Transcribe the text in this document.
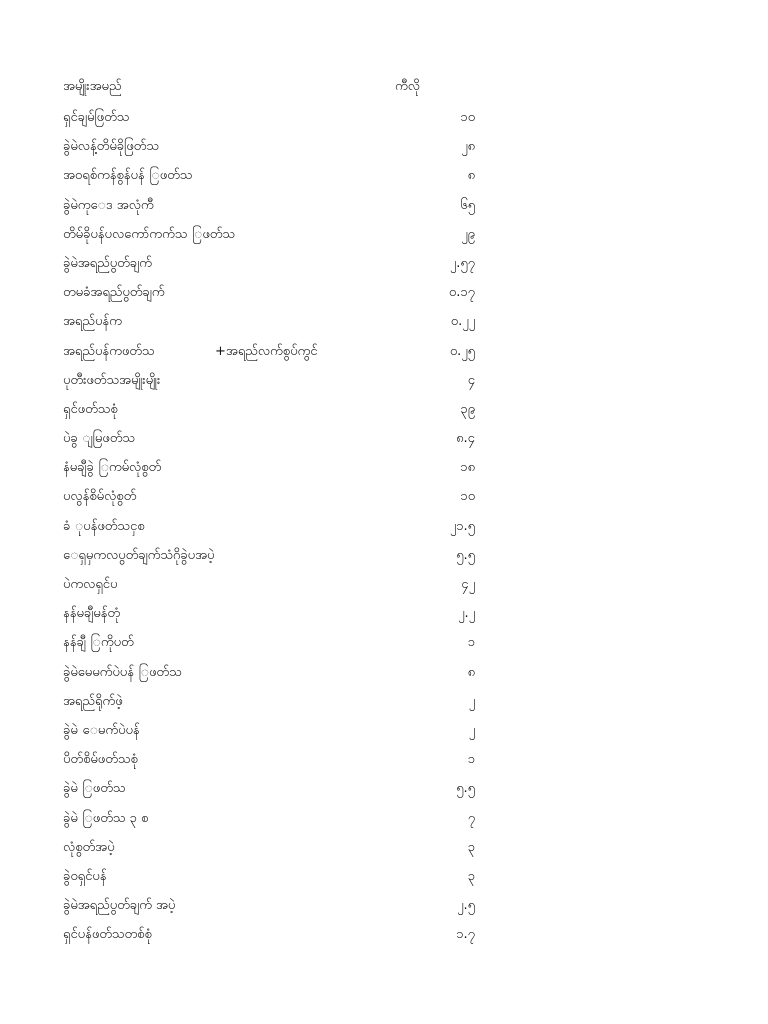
အမျိုးအမည်	ကီလို
ရှင်ချမ်ဖြတ်သ	၁၀
ခွဲမဲလန့်တိမ်ခိုဖြတ်သ	၂၈
အဝရစ်ကန်စွန်ပန် ြဖတ်သ	၈
ခွဲမဲကုေဒ အလုံကီ	၆၅
တိမ်ခိုပန်ပလကော်ကက်သ ြဖတ်သ	၂၉
ခွဲမဲအရည်ပွတ်ချက်	၂.၅၇
တမခံအရည်ပွတ်ချက်	၀.၁၇
အရည်ပန်က	၀.၂၂
အရည်ပန်ကဖတ်သ	+အရည်လက်စွပ်ကွင်	၀.၂၅
ပုတီးဖတ်သအမျိုးမျိုး	၄
ရှင်ဖတ်သစုံ	၃၉
ပဲခွ ျမြဖတ်သ	၈.၄
နံမချီခွဲ ြကမ်လုံစွတ်	၁၈
ပလွန်စိမ်လုံစွတ်	၁၀
ခံ ုပန်ဖတ်သငှစ	၂၁.၅
ေရှမှကလပွတ်ချက်သံဂိုခွဲပအပဲ့	၅.၅
ပဲကလရှင်ပ	၄၂
နန်မချီမန်တုံ	၂.၂
နန်ချီ ြကိုပတ်	၁
ခွဲမဲမေမက်ပဲပန် ြဖတ်သ	၈
အရည်ရိုက်ဖဲ့	၂
ခွဲမဲ ေမက်ပဲပန်	၂
ပိတ်စိမ်ဖတ်သစုံ	၁
ခွဲမဲ ြဖတ်သ	၅.၅
ခွဲမဲ ြဖတ်သ ၃ စ	၇
လုံစွတ်အပဲ့	၃
ခွဲဝရှင်ပန်	၃
ခွဲမဲအရည်ပွတ်ချက် အပဲ့	၂.၅
ရှင်ပန်ဖတ်သတစ်စုံ	၁.၇
